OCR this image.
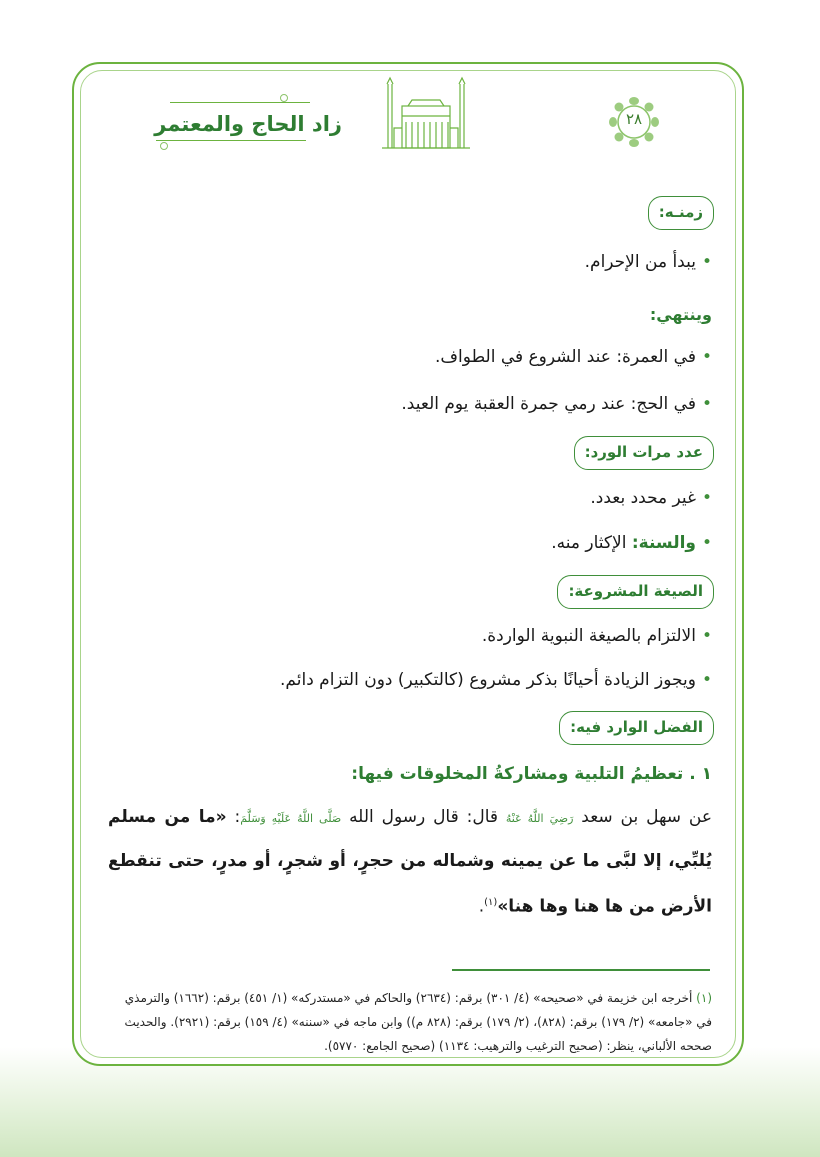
٢٨
زاد الحاج والمعتمر
زمنـه:
•يبدأ من الإحرام.
وينتهي:
•في العمرة: عند الشروع في الطواف.
•في الحج: عند رمي جمرة العقبة يوم العيد.
عدد مرات الورد:
•غير محدد بعدد.
•والسنة: الإكثار منه.
الصيغة المشروعة:
•الالتزام بالصيغة النبوية الواردة.
•ويجوز الزيادة أحيانًا بذكر مشروع (كالتكبير) دون التزام دائم.
الفضل الوارد فيه:
١ . تعظيمُ التلبية ومشاركةُ المخلوقات فيها:
عن سهل بن سعد رَضِيَ اللَّهُ عَنْهُ قال: قال رسول الله صَلَّى اللَّهُ عَلَيْهِ وَسَلَّمَ: «ما من مسلم يُلبِّي، إلا لبَّى ما عن يمينه وشماله من حجرٍ، أو شجرٍ، أو مدرٍ، حتى تنقطع الأرض من ها هنا وها هنا»$^{(١)}$.
(١) أخرجه ابن خزيمة في «صحيحه» (٤/ ٣٠١) برقم: (٢٦٣٤) والحاكم في «مستدركه» (١/ ٤٥١) برقم: (١٦٦٢) والترمذي في «جامعه» (٢/ ١٧٩) برقم: (٨٢٨)، (٢/ ١٧٩) برقم: (٨٢٨ م)) وابن ماجه في «سننه» (٤/ ١٥٩) برقم: (٢٩٢١). والحديث صححه الألباني، ينظر: (صحيح الترغيب والترهيب: ١١٣٤) (صحيح الجامع: ٥٧٧٠).
